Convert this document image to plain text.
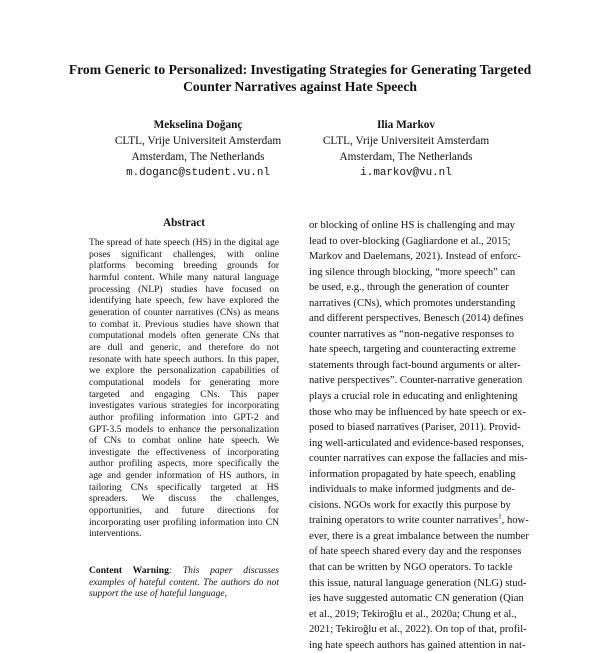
From Generic to Personalized: Investigating Strategies for Generating Targeted Counter Narratives against Hate Speech
Mekselina Doğanç
CLTL, Vrije Universiteit Amsterdam
Amsterdam, The Netherlands
m.doganc@student.vu.nl
Ilia Markov
CLTL, Vrije Universiteit Amsterdam
Amsterdam, The Netherlands
i.markov@vu.nl
Abstract
The spread of hate speech (HS) in the digital age poses significant challenges, with online platforms becoming breeding grounds for harmful content. While many natural language processing (NLP) studies have focused on identifying hate speech, few have explored the generation of counter narratives (CNs) as means to combat it. Previous studies have shown that computational models often generate CNs that are dull and generic, and therefore do not resonate with hate speech authors. In this paper, we explore the personalization capabilities of computational models for generating more targeted and engaging CNs. This paper investigates various strategies for incorporating author profiling information into GPT-2 and GPT-3.5 models to enhance the personalization of CNs to combat online hate speech. We investigate the effectiveness of incorporating author profiling aspects, more specifically the age and gender information of HS authors, in tailoring CNs specifically targeted at HS spreaders. We discuss the challenges, opportunities, and future directions for incorporating user profiling information into CN interventions.
Content Warning: This paper discusses examples of hateful content. The authors do not support the use of hateful language,
or blocking of online HS is challenging and may
lead to over-blocking (Gagliardone et al., 2015;
Markov and Daelemans, 2021). Instead of enforc-
ing silence through blocking, “more speech” can
be used, e.g., through the generation of counter
narratives (CNs), which promotes understanding
and different perspectives. Benesch (2014) defines
counter narratives as “non-negative responses to
hate speech, targeting and counteracting extreme
statements through fact-bound arguments or alter-
native perspectives”. Counter-narrative generation
plays a crucial role in educating and enlightening
those who may be influenced by hate speech or ex-
posed to biased narratives (Pariser, 2011). Provid-
ing well-articulated and evidence-based responses,
counter narratives can expose the fallacies and mis-
information propagated by hate speech, enabling
individuals to make informed judgments and de-
cisions. NGOs work for exactly this purpose by
training operators to write counter narratives$^1$, how-
ever, there is a great imbalance between the number
of hate speech shared every day and the responses
that can be written by NGO operators. To tackle
this issue, natural language generation (NLG) stud-
ies have suggested automatic CN generation (Qian
et al., 2019; Tekiroğlu et al., 2020a; Chung et al.,
2021; Tekiroğlu et al., 2022). On top of that, profil-
ing hate speech authors has gained attention in nat-
